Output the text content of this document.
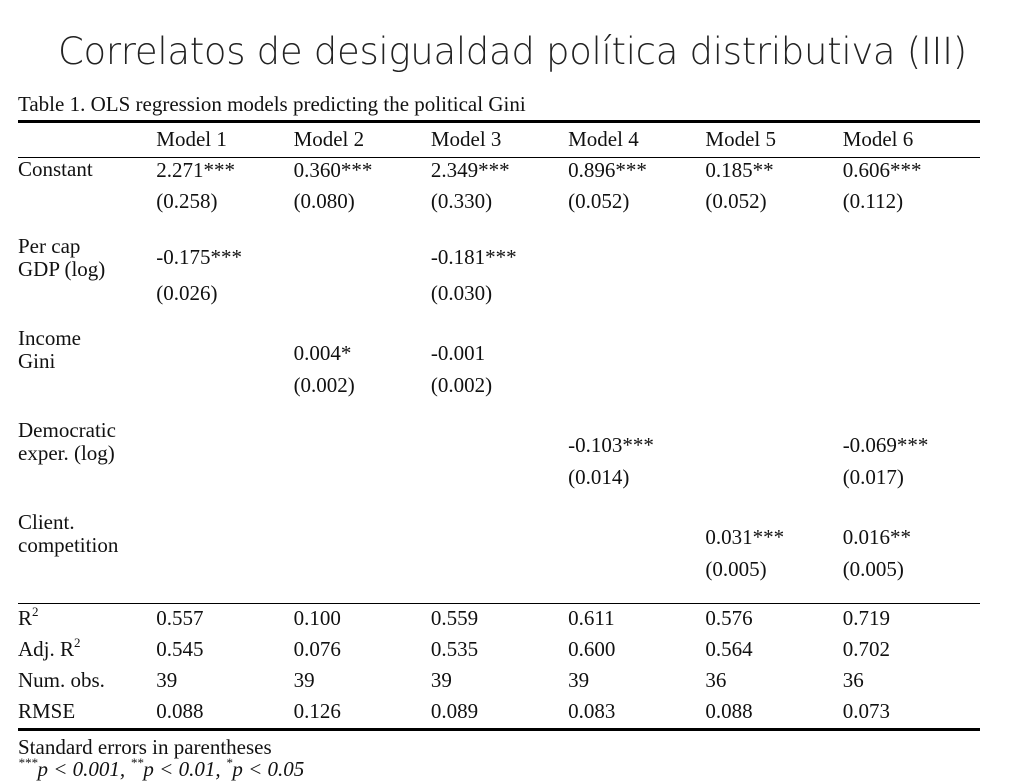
Correlatos de desigualdad política distributiva (III)
Table 1. OLS regression models predicting the political Gini
	Model 1	Model 2	Model 3	Model 4	Model 5	Model 6
Constant	2.271***	0.360***	2.349***	0.896***	0.185**	0.606***
	(0.258)	(0.080)	(0.330)	(0.052)	(0.052)	(0.112)
Per cap
GDP (log)	-0.175***		-0.181***			
	(0.026)		(0.030)			
Income
Gini		0.004*	-0.001			
		(0.002)	(0.002)			
Democratic
exper. (log)				-0.103***		-0.069***
				(0.014)		(0.017)
Client.
competition					0.031***	0.016**
					(0.005)	(0.005)
$R^2$	0.557	0.100	0.559	0.611	0.576	0.719
Adj. $R^2$	0.545	0.076	0.535	0.600	0.564	0.702
Num. obs.	39	39	39	39	36	36
RMSE	0.088	0.126	0.089	0.083	0.088	0.073
Standard errors in parentheses
***p < 0.001, **p < 0.01, *p < 0.05
